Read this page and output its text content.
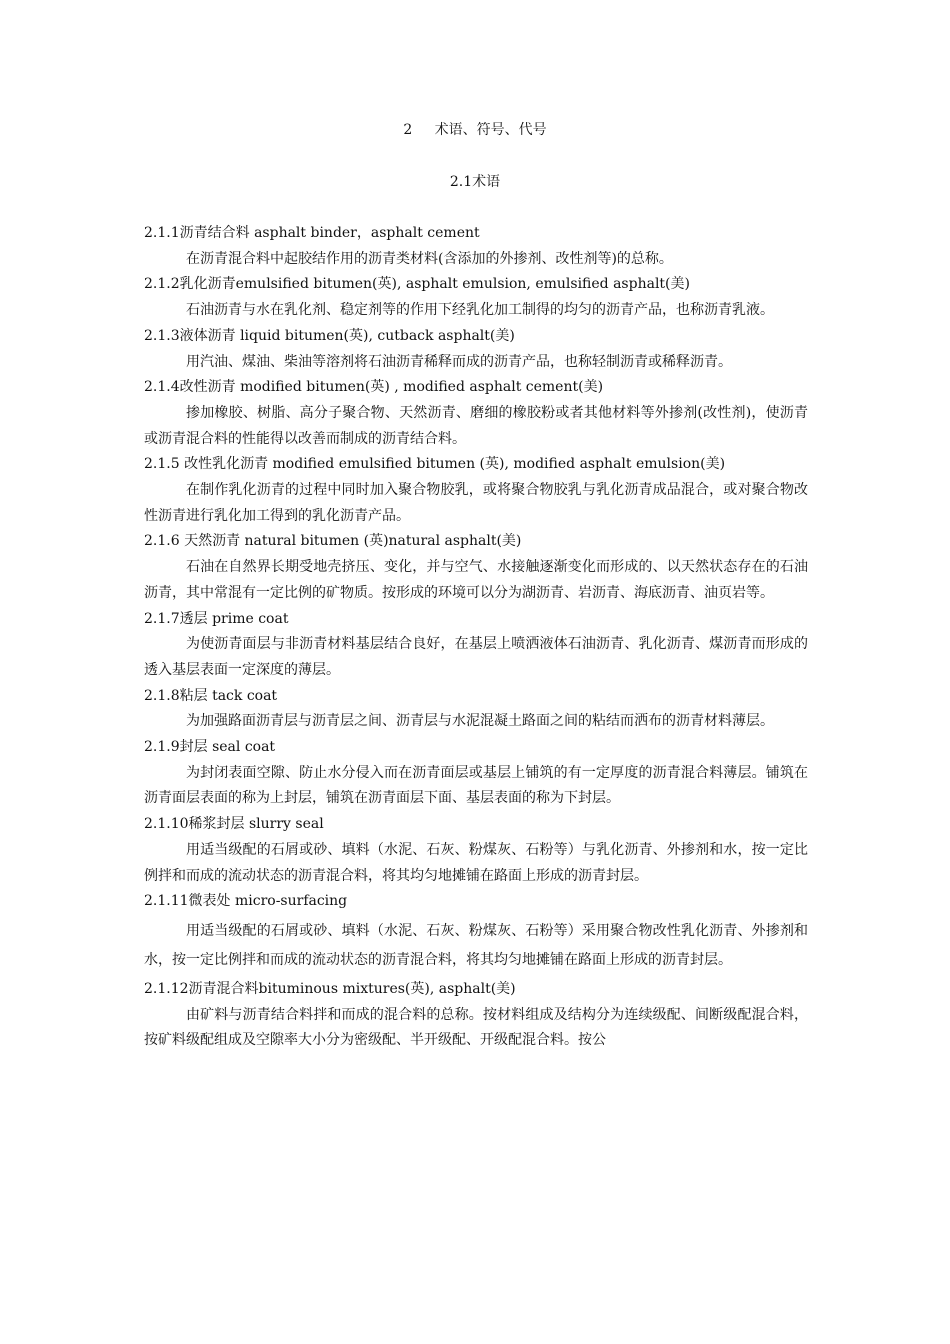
2     术语、符号、代号
2.1术语

2.1.1沥青结合料 asphalt binder，asphalt cement

在沥青混合料中起胶结作用的沥青类材料(含添加的外掺剂、改性剂等)的总称。

2.1.2乳化沥青emulsified bitumen(英), asphalt emulsion, emulsified asphalt(美)

石油沥青与水在乳化剂、稳定剂等的作用下经乳化加工制得的均匀的沥青产品，也称沥青乳液。

2.1.3液体沥青 liquid bitumen(英), cutback asphalt(美)

用汽油、煤油、柴油等溶剂将石油沥青稀释而成的沥青产品，也称轻制沥青或稀释沥青。

2.1.4改性沥青 modified bitumen(英) , modified asphalt cement(美)

掺加橡胶、树脂、高分子聚合物、天然沥青、磨细的橡胶粉或者其他材料等外掺剂(改性剂)，使沥青或沥青混合料的性能得以改善而制成的沥青结合料。

2.1.5 改性乳化沥青 modified emulsified bitumen (英), modified asphalt emulsion(美)

在制作乳化沥青的过程中同时加入聚合物胶乳，或将聚合物胶乳与乳化沥青成品混合，或对聚合物改性沥青进行乳化加工得到的乳化沥青产品。

2.1.6 天然沥青 natural bitumen (英)natural asphalt(美)

石油在自然界长期受地壳挤压、变化，并与空气、水接触逐渐变化而形成的、以天然状态存在的石油沥青，其中常混有一定比例的矿物质。按形成的环境可以分为湖沥青、岩沥青、海底沥青、油页岩等。

2.1.7透层 prime coat

为使沥青面层与非沥青材料基层结合良好，在基层上喷洒液体石油沥青、乳化沥青、煤沥青而形成的透入基层表面一定深度的薄层。

2.1.8粘层 tack coat

为加强路面沥青层与沥青层之间、沥青层与水泥混凝土路面之间的粘结而洒布的沥青材料薄层。

2.1.9封层 seal coat

为封闭表面空隙、防止水分侵入而在沥青面层或基层上铺筑的有一定厚度的沥青混合料薄层。铺筑在沥青面层表面的称为上封层，铺筑在沥青面层下面、基层表面的称为下封层。

2.1.10稀浆封层 slurry seal

用适当级配的石屑或砂、填料（水泥、石灰、粉煤灰、石粉等）与乳化沥青、外掺剂和水，按一定比例拌和而成的流动状态的沥青混合料，将其均匀地摊铺在路面上形成的沥青封层。

2.1.11微表处 micro-surfacing

用适当级配的石屑或砂、填料（水泥、石灰、粉煤灰、石粉等）采用聚合物改性乳化沥青、外掺剂和水，按一定比例拌和而成的流动状态的沥青混合料，将其均匀地摊铺在路面上形成的沥青封层。

2.1.12沥青混合料bituminous mixtures(英), asphalt(美)

由矿料与沥青结合料拌和而成的混合料的总称。按材料组成及结构分为连续级配、间断级配混合料，按矿料级配组成及空隙率大小分为密级配、半开级配、开级配混合料。按公
